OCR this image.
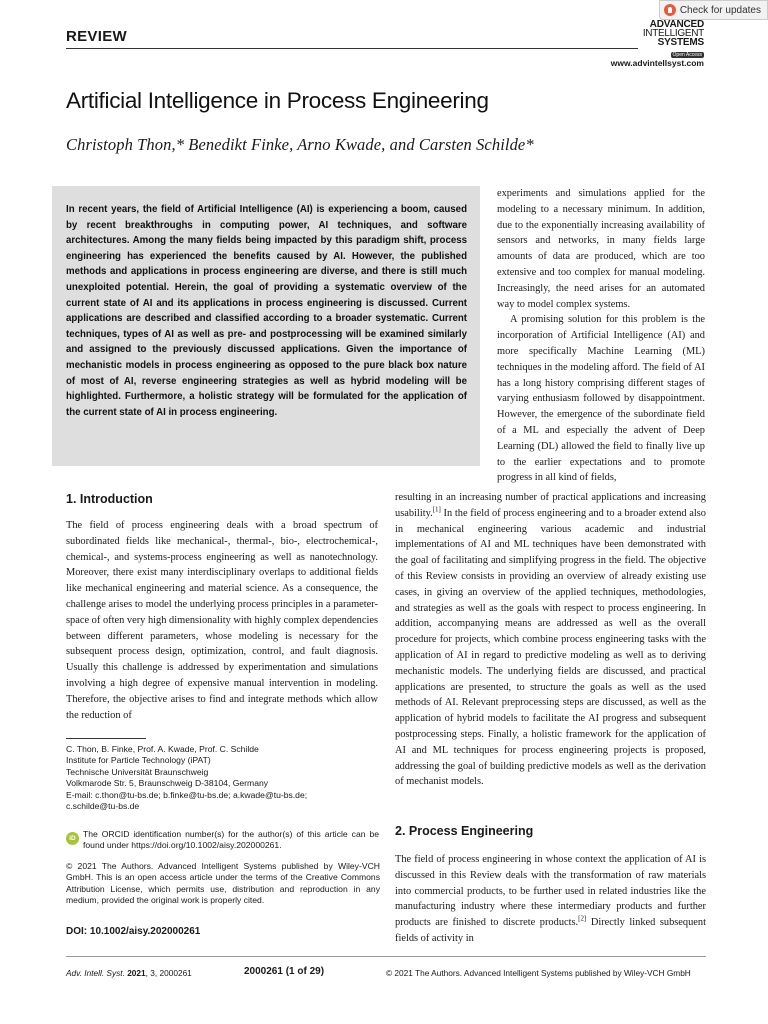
Check for updates
REVIEW
ADVANCED
INTELLIGENT
SYSTEMS
Open Access
www.advintellsyst.com
Artificial Intelligence in Process Engineering
Christoph Thon,* Benedikt Finke, Arno Kwade, and Carsten Schilde*
In recent years, the field of Artificial Intelligence (AI) is experiencing a boom, caused by recent breakthroughs in computing power, AI techniques, and software architectures. Among the many fields being impacted by this paradigm shift, process engineering has experienced the benefits caused by AI. However, the published methods and applications in process engineering are diverse, and there is still much unexploited potential. Herein, the goal of providing a systematic overview of the current state of AI and its applications in process engineering is discussed. Current applications are described and classified according to a broader systematic. Current techniques, types of AI as well as pre- and postprocessing will be examined similarly and assigned to the previously discussed applications. Given the importance of mechanistic models in process engineering as opposed to the pure black box nature of most of AI, reverse engineering strategies as well as hybrid modeling will be highlighted. Furthermore, a holistic strategy will be formulated for the application of the current state of AI in process engineering.

experiments and simulations applied for the modeling to a necessary minimum. In addition, due to the exponentially increasing availability of sensors and networks, in many fields large amounts of data are produced, which are too extensive and too complex for manual modeling. Increasingly, the need arises for an automated way to model complex systems.

A promising solution for this problem is the incorporation of Artificial Intelligence (AI) and more specifically Machine Learning (ML) techniques in the modeling afford. The field of AI has a long history comprising different stages of varying enthusiasm followed by disappointment. However, the emergence of the subordinate field of a ML and especially the advent of Deep Learning (DL) allowed the field to finally live up to the earlier expectations and to promote progress in all kind of fields,

resulting in an increasing number of practical applications and increasing usability.[1] In the field of process engineering and to a broader extend also in mechanical engineering various academic and industrial implementations of AI and ML techniques have been demonstrated with the goal of facilitating and simplifying progress in the field. The objective of this Review consists in providing an overview of already existing use cases, in giving an overview of the applied techniques, methodologies, and strategies as well as the goals with respect to process engineering. In addition, accompanying means are addressed as well as the overall procedure for projects, which combine process engineering tasks with the application of AI in regard to predictive modeling as well as to deriving mechanistic models. The underlying fields are discussed, and practical applications are presented, to structure the goals as well as the used methods of AI. Relevant preprocessing steps are discussed, as well as the application of hybrid models to facilitate the AI progress and subsequent postprocessing steps. Finally, a holistic framework for the application of AI and ML techniques for process engineering projects is proposed, addressing the goal of building predictive models as well as the derivation of mechanist models.

1. Introduction

The field of process engineering deals with a broad spectrum of subordinated fields like mechanical-, thermal-, bio-, electrochemical-, chemical-, and systems-process engineering as well as nanotechnology. Moreover, there exist many interdisciplinary overlaps to additional fields like mechanical engineering and material science. As a consequence, the challenge arises to model the underlying process principles in a parameter-space of often very high dimensionality with highly complex dependencies between different parameters, whose modeling is necessary for the subsequent process design, optimization, control, and fault diagnosis. Usually this challenge is addressed by experimentation and simulations involving a high degree of expensive manual intervention in modeling. Therefore, the objective arises to find and integrate methods which allow the reduction of

C. Thon, B. Finke, Prof. A. Kwade, Prof. C. Schilde
Institute for Particle Technology (iPAT)
Technische Universität Braunschweig
Volkmarode Str. 5, Braunschweig D-38104, Germany
E-mail: c.thon@tu-bs.de; b.finke@tu-bs.de; a.kwade@tu-bs.de;
c.schilde@tu-bs.de
iD The ORCID identification number(s) for the author(s) of this article can be found under https://doi.org/10.1002/aisy.202000261.
© 2021 The Authors. Advanced Intelligent Systems published by Wiley-VCH GmbH. This is an open access article under the terms of the Creative Commons Attribution License, which permits use, distribution and reproduction in any medium, provided the original work is properly cited.
DOI: 10.1002/aisy.202000261
2. Process Engineering

The field of process engineering in whose context the application of AI is discussed in this Review deals with the transformation of raw materials into commercial products, to be further used in related industries like the manufacturing industry where these intermediary products and further products are finished to discrete products.[2] Directly linked subsequent fields of activity in

Adv. Intell. Syst. 2021, 3, 2000261	2000261 (1 of 29)	© 2021 The Authors. Advanced Intelligent Systems published by Wiley-VCH GmbH
